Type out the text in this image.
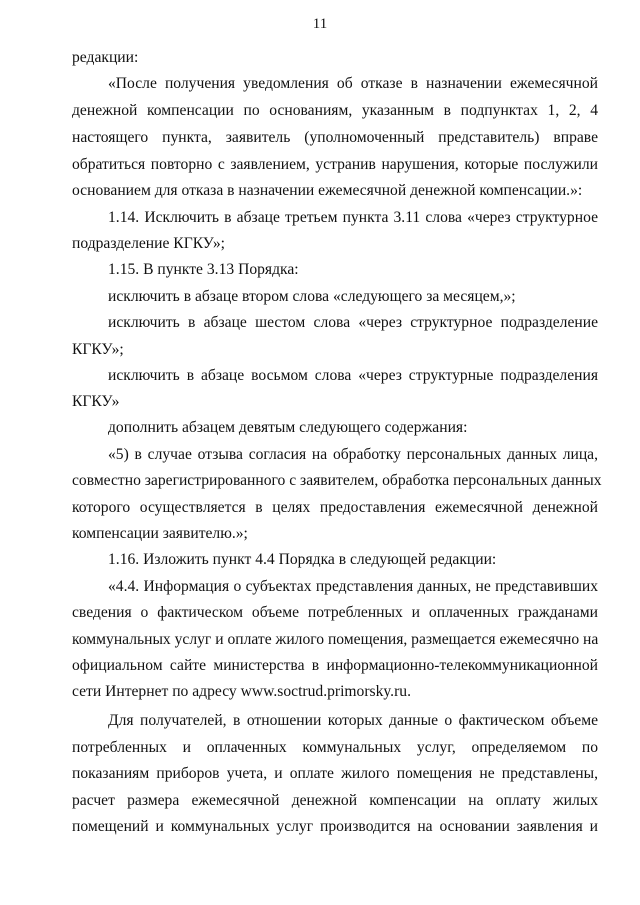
11
редакции:
«После получения уведомления об отказе в назначении ежемесячной
денежной компенсации по основаниям, указанным в подпунктах 1, 2, 4
настоящего пункта, заявитель (уполномоченный представитель) вправе
обратиться повторно с заявлением, устранив нарушения, которые послужили
основанием для отказа в назначении ежемесячной денежной компенсации.»:
1.14. Исключить в абзаце третьем пункта 3.11 слова «через структурное
подразделение КГКУ»;
1.15. В пункте 3.13 Порядка:
исключить в абзаце втором слова «следующего за месяцем,»;
исключить в абзаце шестом слова «через структурное подразделение
КГКУ»;
исключить в абзаце восьмом слова «через структурные подразделения
КГКУ»
дополнить абзацем девятым следующего содержания:
«5) в случае отзыва согласия на обработку персональных данных лица,
совместно зарегистрированного с заявителем, обработка персональных данных
которого осуществляется в целях предоставления ежемесячной денежной
компенсации заявителю.»;
1.16. Изложить пункт 4.4 Порядка в следующей редакции:
«4.4. Информация о субъектах представления данных, не представивших
сведения о фактическом объеме потребленных и оплаченных гражданами
коммунальных услуг и оплате жилого помещения, размещается ежемесячно на
официальном сайте министерства в информационно-телекоммуникационной
сети Интернет по адресу www.soctrud.primorsky.ru.
Для получателей, в отношении которых данные о фактическом объеме
потребленных и оплаченных коммунальных услуг, определяемом по
показаниям приборов учета, и оплате жилого помещения не представлены,
расчет размера ежемесячной денежной компенсации на оплату жилых
помещений и коммунальных услуг производится на основании заявления и
